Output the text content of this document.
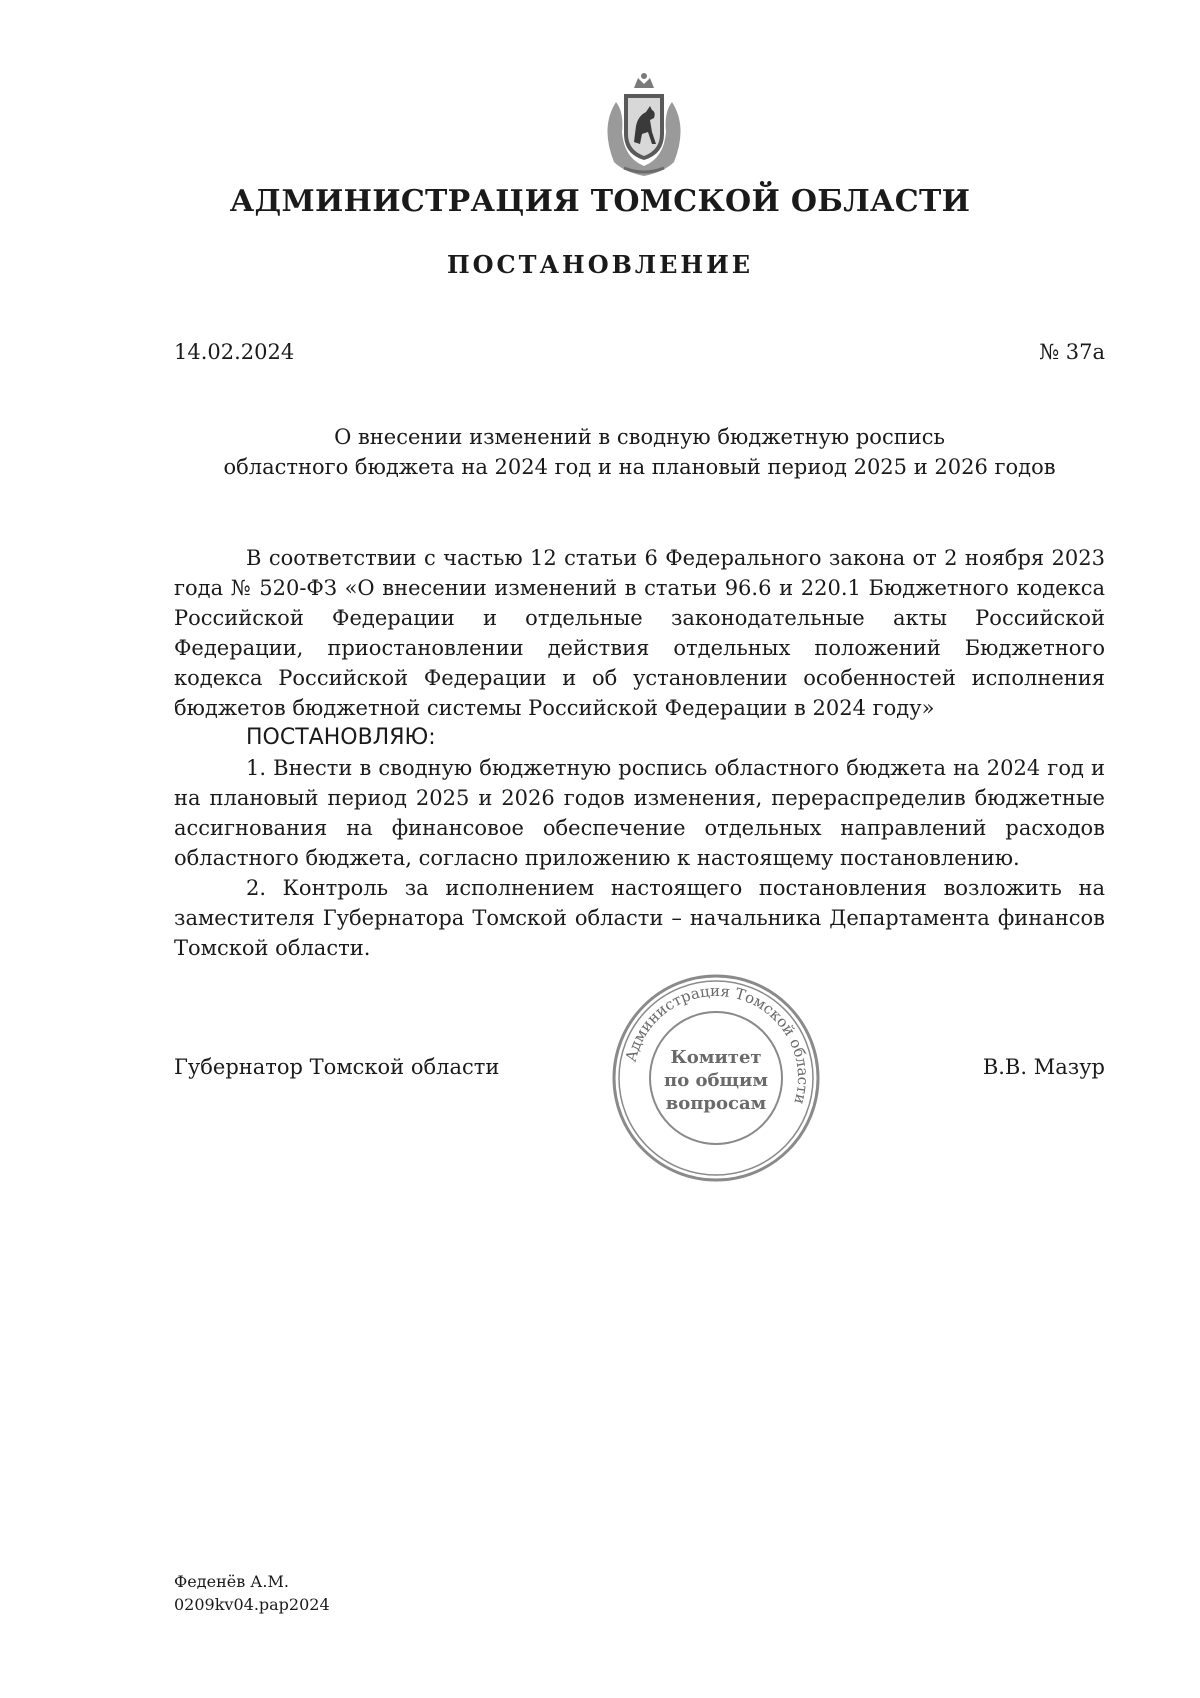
АДМИНИСТРАЦИЯ ТОМСКОЙ ОБЛАСТИ
ПОСТАНОВЛЕНИЕ
14.02.2024	№ 37а
О внесении изменений в сводную бюджетную роспись
областного бюджета на 2024 год и на плановый период 2025 и 2026 годов

В соответствии с частью 12 статьи 6 Федерального закона от 2 ноября 2023 года № 520-ФЗ «О внесении изменений в статьи 96.6 и 220.1 Бюджетного кодекса Российской Федерации и отдельные законодательные акты Российской Федерации, приостановлении действия отдельных положений Бюджетного кодекса Российской Федерации и об установлении особенностей исполнения бюджетов бюджетной системы Российской Федерации в 2024 году»

ПОСТАНОВЛЯЮ:

1. Внести в сводную бюджетную роспись областного бюджета на 2024 год и на плановый период 2025 и 2026 годов изменения, перераспределив бюджетные ассигнования на финансовое обеспечение отдельных направлений расходов областного бюджета, согласно приложению к настоящему постановлению.

2. Контроль за исполнением настоящего постановления возложить на заместителя Губернатора Томской области – начальника Департамента финансов Томской области.

Губернатор Томской области	В.В. Мазур
Администрация Томской области
Комитет
по общим
вопросам
Феденёв А.М.
0209kv04.pap2024
